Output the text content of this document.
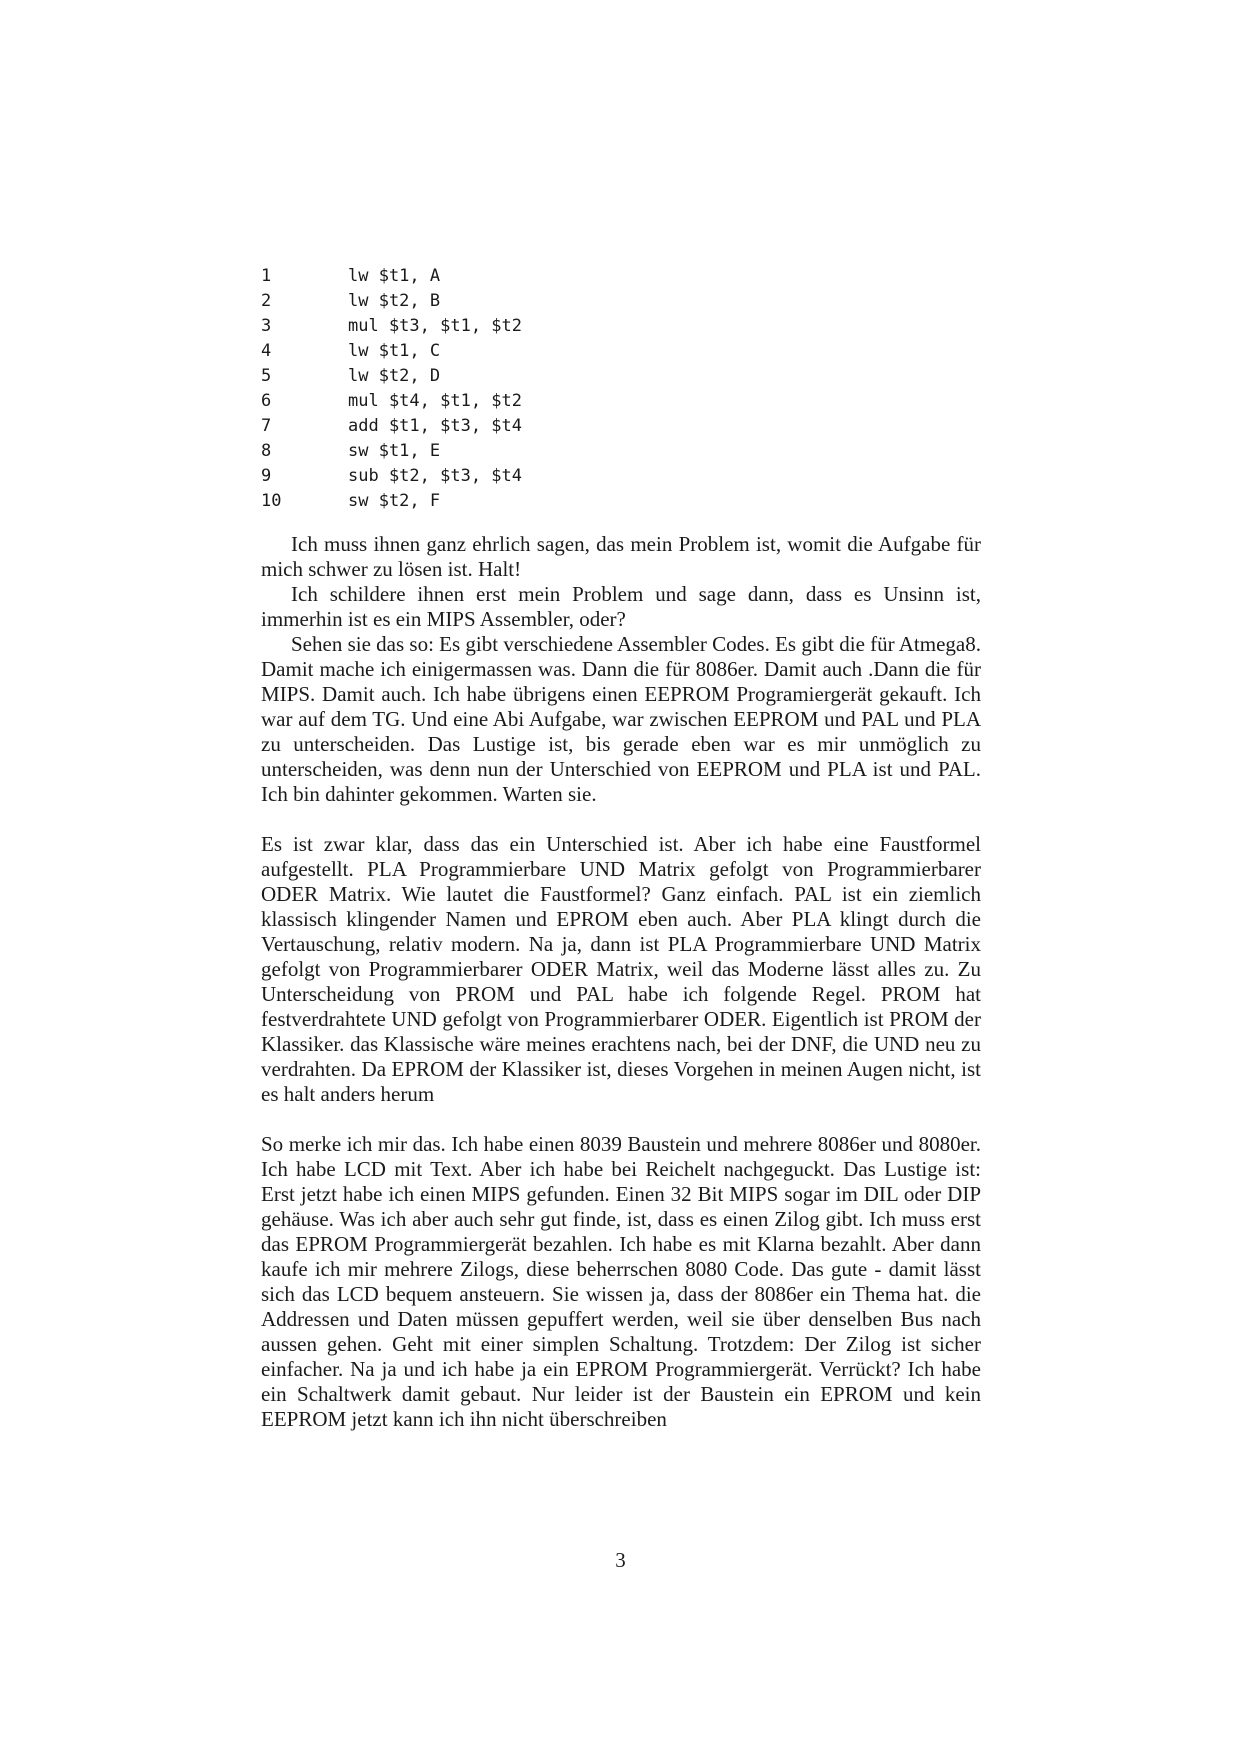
1	lw $t1, A
2	lw $t2, B
3	mul $t3, $t1, $t2
4	lw $t1, C
5	lw $t2, D
6	mul $t4, $t1, $t2
7	add $t1, $t3, $t4
8	sw $t1, E
9	sub $t2, $t3, $t4
10	sw $t2, F

Ich muss ihnen ganz ehrlich sagen, das mein Problem ist, womit die Aufgabe für mich schwer zu lösen ist. Halt!

Ich schildere ihnen erst mein Problem und sage dann, dass es Unsinn ist, immerhin ist es ein MIPS Assembler, oder?

Sehen sie das so: Es gibt verschiedene Assembler Codes. Es gibt die für Atmega8. Damit mache ich einigermassen was. Dann die für 8086er. Damit auch .Dann die für MIPS. Damit auch. Ich habe übrigens einen EEPROM Programiergerät gekauft. Ich war auf dem TG. Und eine Abi Aufgabe, war zwischen EEPROM und PAL und PLA zu unterscheiden. Das Lustige ist, bis gerade eben war es mir unmöglich zu unterscheiden, was denn nun der Unterschied von EEPROM und PLA ist und PAL. Ich bin dahinter gekommen. Warten sie.

Es ist zwar klar, dass das ein Unterschied ist. Aber ich habe eine Faustformel aufgestellt. PLA Programmierbare UND Matrix gefolgt von Programmierbarer ODER Matrix. Wie lautet die Faustformel? Ganz einfach. PAL ist ein ziemlich klassisch klingender Namen und EPROM eben auch. Aber PLA klingt durch die Vertauschung, relativ modern. Na ja, dann ist PLA Programmierbare UND Matrix gefolgt von Programmierbarer ODER Matrix, weil das Moderne lässt alles zu. Zu Unterscheidung von PROM und PAL habe ich folgende Regel. PROM hat festverdrahtete UND gefolgt von Programmierbarer ODER. Eigentlich ist PROM der Klassiker. das Klassische wäre meines erachtens nach, bei der DNF, die UND neu zu verdrahten. Da EPROM der Klassiker ist, dieses Vorgehen in meinen Augen nicht, ist es halt anders herum

So merke ich mir das. Ich habe einen 8039 Baustein und mehrere 8086er und 8080er. Ich habe LCD mit Text. Aber ich habe bei Reichelt nachgeguckt. Das Lustige ist: Erst jetzt habe ich einen MIPS gefunden. Einen 32 Bit MIPS sogar im DIL oder DIP gehäuse. Was ich aber auch sehr gut finde, ist, dass es einen Zilog gibt. Ich muss erst das EPROM Programmiergerät bezahlen. Ich habe es mit Klarna bezahlt. Aber dann kaufe ich mir mehrere Zilogs, diese beherrschen 8080 Code. Das gute - damit lässt sich das LCD bequem ansteuern. Sie wissen ja, dass der 8086er ein Thema hat. die Addressen und Daten müssen gepuffert werden, weil sie über denselben Bus nach aussen gehen. Geht mit einer simplen Schaltung. Trotzdem: Der Zilog ist sicher einfacher. Na ja und ich habe ja ein EPROM Programmiergerät. Verrückt? Ich habe ein Schaltwerk damit gebaut. Nur leider ist der Baustein ein EPROM und kein EEPROM jetzt kann ich ihn nicht überschreiben

3
